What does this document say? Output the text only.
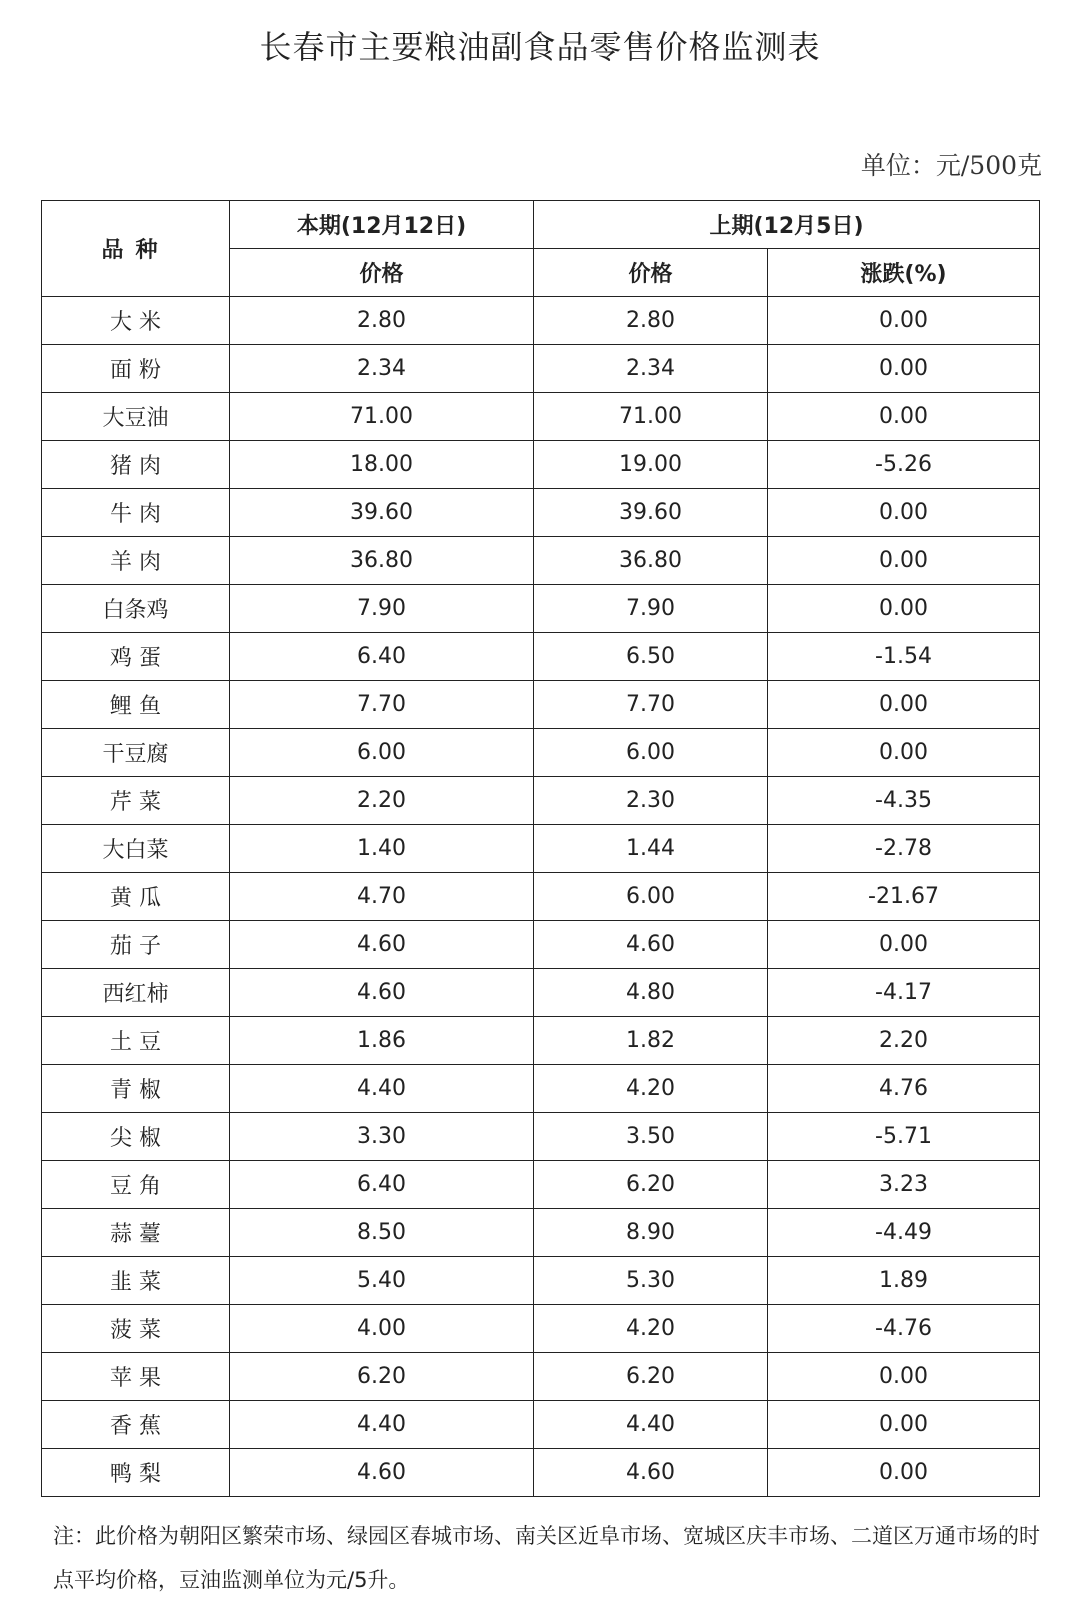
长春市主要粮油副食品零售价格监测表
单位：元/500克
品种	本期(12月12日)	上期(12月5日)	
	价格	价格	涨跌(%)
大 米	2.80	2.80	0.00
面 粉	2.34	2.34	0.00
大豆油	71.00	71.00	0.00
猪 肉	18.00	19.00	-5.26
牛 肉	39.60	39.60	0.00
羊 肉	36.80	36.80	0.00
白条鸡	7.90	7.90	0.00
鸡 蛋	6.40	6.50	-1.54
鲤 鱼	7.70	7.70	0.00
干豆腐	6.00	6.00	0.00
芹 菜	2.20	2.30	-4.35
大白菜	1.40	1.44	-2.78
黄 瓜	4.70	6.00	-21.67
茄 子	4.60	4.60	0.00
西红柿	4.60	4.80	-4.17
土 豆	1.86	1.82	2.20
青 椒	4.40	4.20	4.76
尖 椒	3.30	3.50	-5.71
豆 角	6.40	6.20	3.23
蒜 薹	8.50	8.90	-4.49
韭 菜	5.40	5.30	1.89
菠 菜	4.00	4.20	-4.76
苹 果	6.20	6.20	0.00
香 蕉	4.40	4.40	0.00
鸭 梨	4.60	4.60	0.00
注：此价格为朝阳区繁荣市场、绿园区春城市场、南关区近阜市场、宽城区庆丰市场、二道区万通市场的时点平均价格，豆油监测单位为元/5升。
